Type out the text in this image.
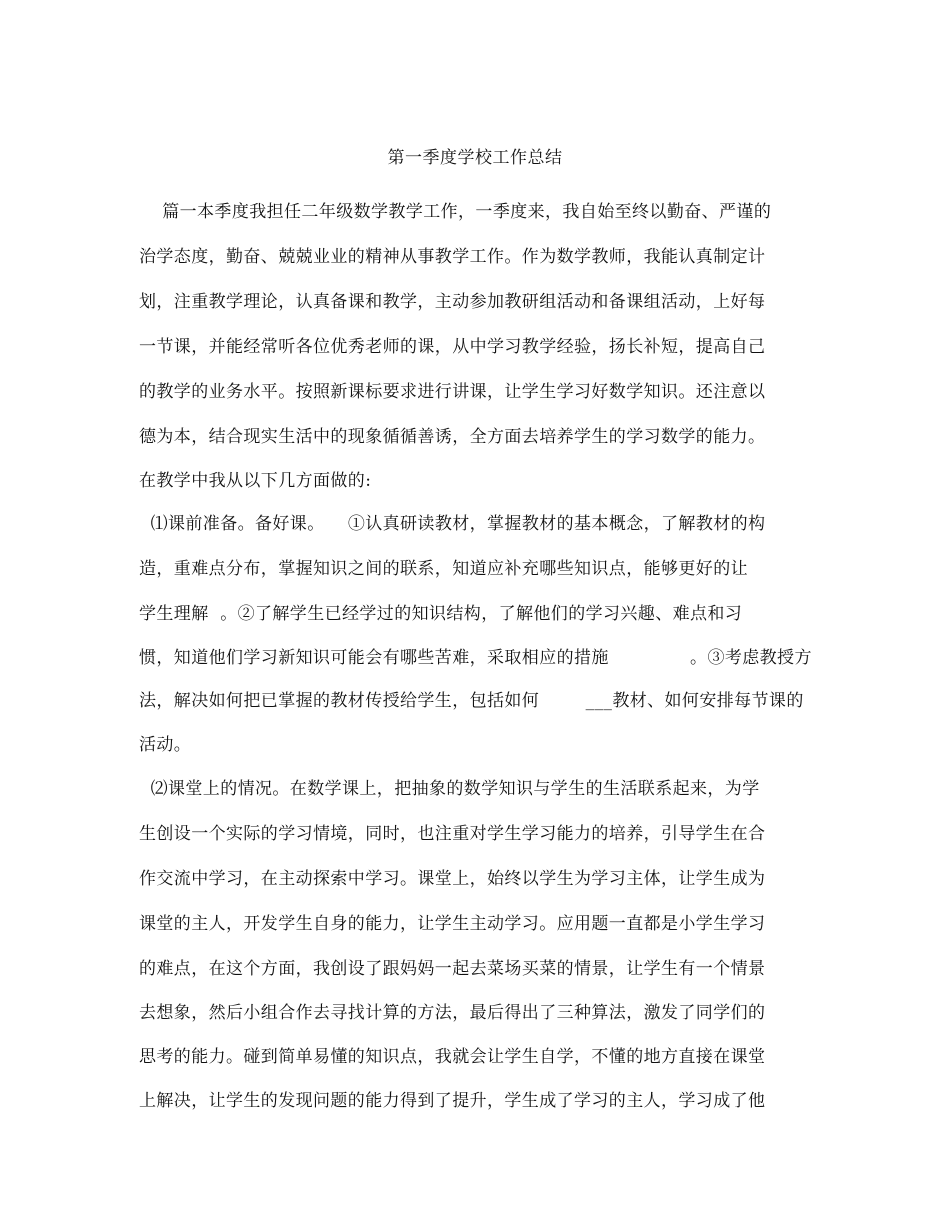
第一季度学校工作总结
篇一本季度我担任二年级数学教学工作，一季度来，我自始至终以勤奋、严谨的
治学态度，勤奋、兢兢业业的精神从事教学工作。作为数学教师，我能认真制定计
划，注重教学理论，认真备课和教学，主动参加教研组活动和备课组活动，上好每
一节课，并能经常听各位优秀老师的课，从中学习教学经验，扬长补短，提高自己
的教学的业务水平。按照新课标要求进行讲课，让学生学习好数学知识。还注意以
德为本，结合现实生活中的现象循循善诱，全方面去培养学生的学习数学的能力。
在教学中我从以下几方面做的:
⑴课前准备。备好课。    ①认真研读教材，掌握教材的基本概念，了解教材的构
造，重难点分布，掌握知识之间的联系，知道应补充哪些知识点，能够更好的让
学生理解  。②了解学生已经学过的知识结构，了解他们的学习兴趣、难点和习
惯，知道他们学习新知识可能会有哪些苦难，采取相应的措施              。③考虑教授方
法，解决如何把已掌握的教材传授给学生，包括如何        ___教材、如何安排每节课的
活动。
⑵课堂上的情况。在数学课上，把抽象的数学知识与学生的生活联系起来，为学
生创设一个实际的学习情境，同时，也注重对学生学习能力的培养，引导学生在合
作交流中学习，在主动探索中学习。课堂上，始终以学生为学习主体，让学生成为
课堂的主人，开发学生自身的能力，让学生主动学习。应用题一直都是小学生学习
的难点，在这个方面，我创设了跟妈妈一起去菜场买菜的情景，让学生有一个情景
去想象，然后小组合作去寻找计算的方法，最后得出了三种算法，激发了同学们的
思考的能力。碰到简单易懂的知识点，我就会让学生自学，不懂的地方直接在课堂
上解决，让学生的发现问题的能力得到了提升，学生成了学习的主人，学习成了他
